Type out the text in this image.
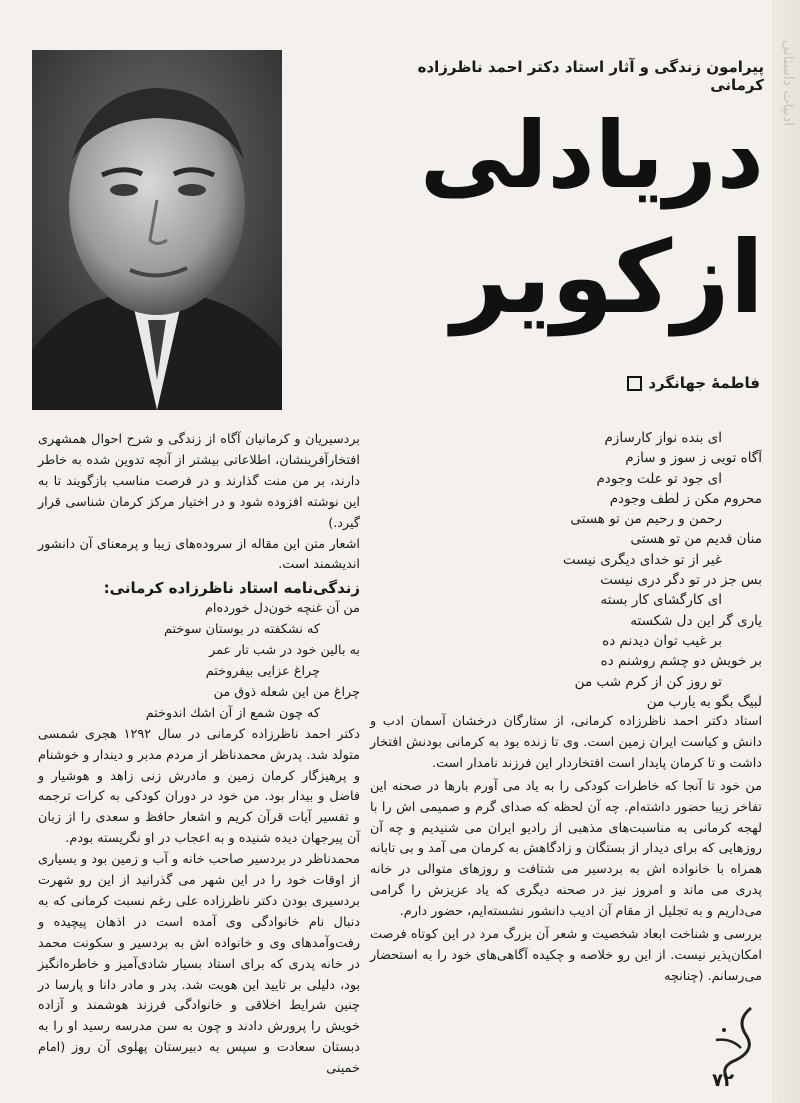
ادبیات داستانی
پیرامون زندگی و آثار استاد دکتر احمد ناظرزاده کرمانی
دریادلی
ازکویر
فاطمهٔ جهانگرد
ای بنده نواز کارسازم
آگاه تویی ز سوز و سازم
ای جود تو علت وجودم
محروم مکن ز لطف وجودم
رحمن و رحیم من تو هستی
منان قدیم من تو هستی
غیر از تو خدای دیگری نیست
بس جز در تو دگر دری نیست
ای کارگشای کار بسته
یاری گر این دل شکسته
بر غیب توان دیدنم ده
بر خویش دو چشم روشنم ده
تو روز کن از کرم شب من
لبیگ بگو به یارب من

استاد دکتر احمد ناظرزاده کرمانی، از ستارگان درخشان آسمان ادب و دانش و کیاست ایران زمین است. وی تا زنده بود به کرمانی بودنش افتخار داشت و تا کرمان پایدار است افتخاردار این فرزند نامدار است.

من خود تا آنجا که خاطرات کودکی را به یاد می آورم بارها در صحنه این تفاخر زیبا حضور داشته‌ام. چه آن لحظه که صدای گرم و صمیمی اش را با لهجه کرمانی به مناسبت‌های مذهبی از رادیو ایران می شنیدیم و چه آن روزهایی که برای دیدار از بستگان و زادگاهش به کرمان می آمد و بی تابانه همراه با خانواده اش به بردسیر می شتافت و روزهای متوالی در خانه پدری می ماند و امروز نیز در صحنه دیگری که یاد عزیزش را گرامی می‌داریم و به تجلیل از مقام آن ادیب دانشور نشسته‌ایم، حضور دارم.

بررسی و شناخت ابعاد شخصیت و شعر آن بزرگ مرد در این کوتاه فرصت امکان‌پذیر نیست. از این رو خلاصه و چکیده آگاهی‌های خود را به استحضار می‌رسانم. (چنانچه

بردسیریان و کرمانیان آگاه از زندگی و شرح احوال همشهری افتخارآفرینشان، اطلاعاتی بیشتر از آنچه تدوین شده به خاطر دارند، بر من منت گذارند و در فرصت مناسب بازگویند تا به این نوشته افزوده شود و در اختیار مرکز کرمان شناسی قرار گیرد.)

اشعار متن این مقاله از سروده‌های زیبا و پرمعنای آن دانشور اندیشمند است.

زندگی‌نامه استاد ناظرزاده کرمانی:

من آن غنچه خون‌دل خورده‌ام
که نشکفته در بوستان سوختم
به بالین خود در شب تار عمر
چراغ عزایی بیفروختم
چراغ من این شعله ذوق من
که چون شمع از آن اشك اندوختم

دکتر احمد ناظرزاده کرمانی در سال ۱۲۹۲ هجری شمسی متولد شد. پدرش محمدناظر از مردم مدبر و دیندار و خوشنام و پرهیزگار کرمان زمین و مادرش زنی زاهد و هوشیار و فاضل و بیدار بود. من خود در دوران کودکی به کرات ترجمه و تفسیر آیات قرآن کریم و اشعار حافظ و سعدی را از زبان آن پیرجهان دیده شنیده و به اعجاب در او نگریسته بودم.

محمدناظر در بردسیر صاحب خانه و آب و زمین بود و بسیاری از اوقات خود را در این شهر می گذرانید از این رو شهرت بردسیری بودن دکتر ناظرزاده علی رغم نسبت کرمانی که به دنبال نام خانوادگی وی آمده است در اذهان پیچیده و رفت‌وآمدهای وی و خانواده اش به بردسیر و سکونت محمد در خانه پدری که برای استاد بسیار شادی‌آمیز و خاطره‌انگیز بود، دلیلی بر تایید این هویت شد. پدر و مادر دانا و پارسا در چنین شرایط اخلاقی و خانوادگی فرزند هوشمند و آزاده خویش را پرورش دادند و چون به سن مدرسه رسید او را به دبستان سعادت و سپس به دبیرستان پهلوی آن روز (امام خمینی

۷۲
